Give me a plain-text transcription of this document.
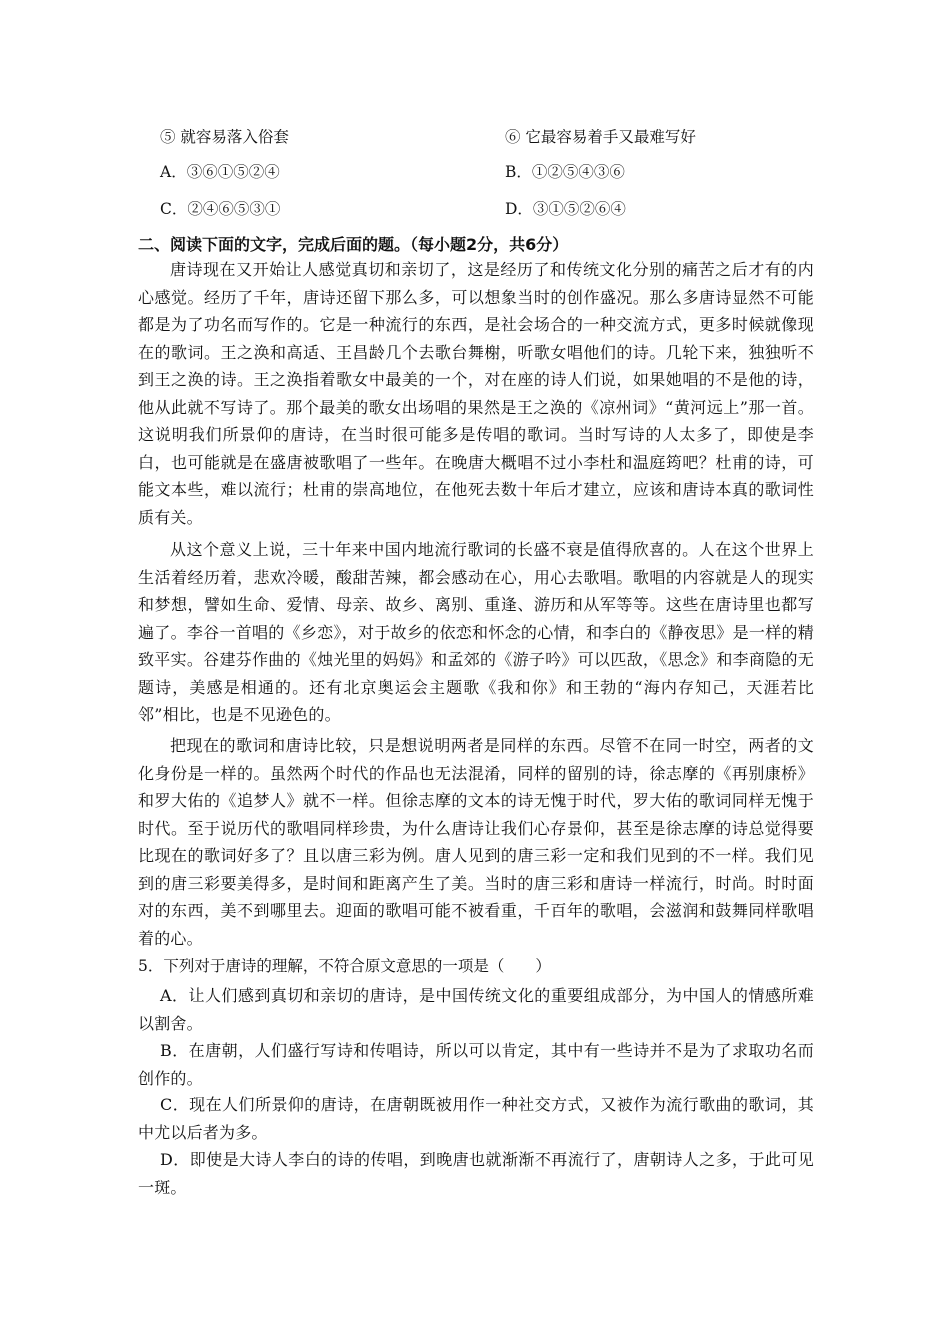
⑤ 就容易落入俗套	⑥ 它最容易着手又最难写好
A．③⑥①⑤②④	B．①②⑤④③⑥
C．②④⑥⑤③①	D．③①⑤②⑥④
二、阅读下面的文字，完成后面的题。（每小题2分，共6分）
唐诗现在又开始让人感觉真切和亲切了，这是经历了和传统文化分别的痛苦之后才有的内心感觉。经历了千年，唐诗还留下那么多，可以想象当时的创作盛况。那么多唐诗显然不可能都是为了功名而写作的。它是一种流行的东西，是社会场合的一种交流方式，更多时候就像现在的歌词。王之涣和高适、王昌龄几个去歌台舞榭，听歌女唱他们的诗。几轮下来，独独听不到王之涣的诗。王之涣指着歌女中最美的一个，对在座的诗人们说，如果她唱的不是他的诗，他从此就不写诗了。那个最美的歌女出场唱的果然是王之涣的《凉州词》“黄河远上”那一首。这说明我们所景仰的唐诗，在当时很可能多是传唱的歌词。当时写诗的人太多了，即使是李白，也可能就是在盛唐被歌唱了一些年。在晚唐大概唱不过小李杜和温庭筠吧？杜甫的诗，可能文本些，难以流行；杜甫的崇高地位，在他死去数十年后才建立，应该和唐诗本真的歌词性质有关。
从这个意义上说，三十年来中国内地流行歌词的长盛不衰是值得欣喜的。人在这个世界上生活着经历着，悲欢冷暖，酸甜苦辣，都会感动在心，用心去歌唱。歌唱的内容就是人的现实和梦想，譬如生命、爱情、母亲、故乡、离别、重逢、游历和从军等等。这些在唐诗里也都写遍了。李谷一首唱的《乡恋》，对于故乡的依恋和怀念的心情，和李白的《静夜思》是一样的精致平实。谷建芬作曲的《烛光里的妈妈》和孟郊的《游子吟》可以匹敌，《思念》和李商隐的无题诗，美感是相通的。还有北京奥运会主题歌《我和你》和王勃的“海内存知己，天涯若比邻”相比，也是不见逊色的。
把现在的歌词和唐诗比较，只是想说明两者是同样的东西。尽管不在同一时空，两者的文化身份是一样的。虽然两个时代的作品也无法混淆，同样的留别的诗，徐志摩的《再别康桥》和罗大佑的《追梦人》就不一样。但徐志摩的文本的诗无愧于时代，罗大佑的歌词同样无愧于时代。至于说历代的歌唱同样珍贵，为什么唐诗让我们心存景仰，甚至是徐志摩的诗总觉得要比现在的歌词好多了？且以唐三彩为例。唐人见到的唐三彩一定和我们见到的不一样。我们见到的唐三彩要美得多，是时间和距离产生了美。当时的唐三彩和唐诗一样流行，时尚。时时面对的东西，美不到哪里去。迎面的歌唱可能不被看重，千百年的歌唱，会滋润和鼓舞同样歌唱着的心。
5．下列对于唐诗的理解，不符合原文意思的一项是（　　）
A．让人们感到真切和亲切的唐诗，是中国传统文化的重要组成部分，为中国人的情感所难以割舍。
B．在唐朝，人们盛行写诗和传唱诗，所以可以肯定，其中有一些诗并不是为了求取功名而创作的。
C．现在人们所景仰的唐诗，在唐朝既被用作一种社交方式，又被作为流行歌曲的歌词，其中尤以后者为多。
D．即使是大诗人李白的诗的传唱，到晚唐也就渐渐不再流行了，唐朝诗人之多，于此可见一斑。
